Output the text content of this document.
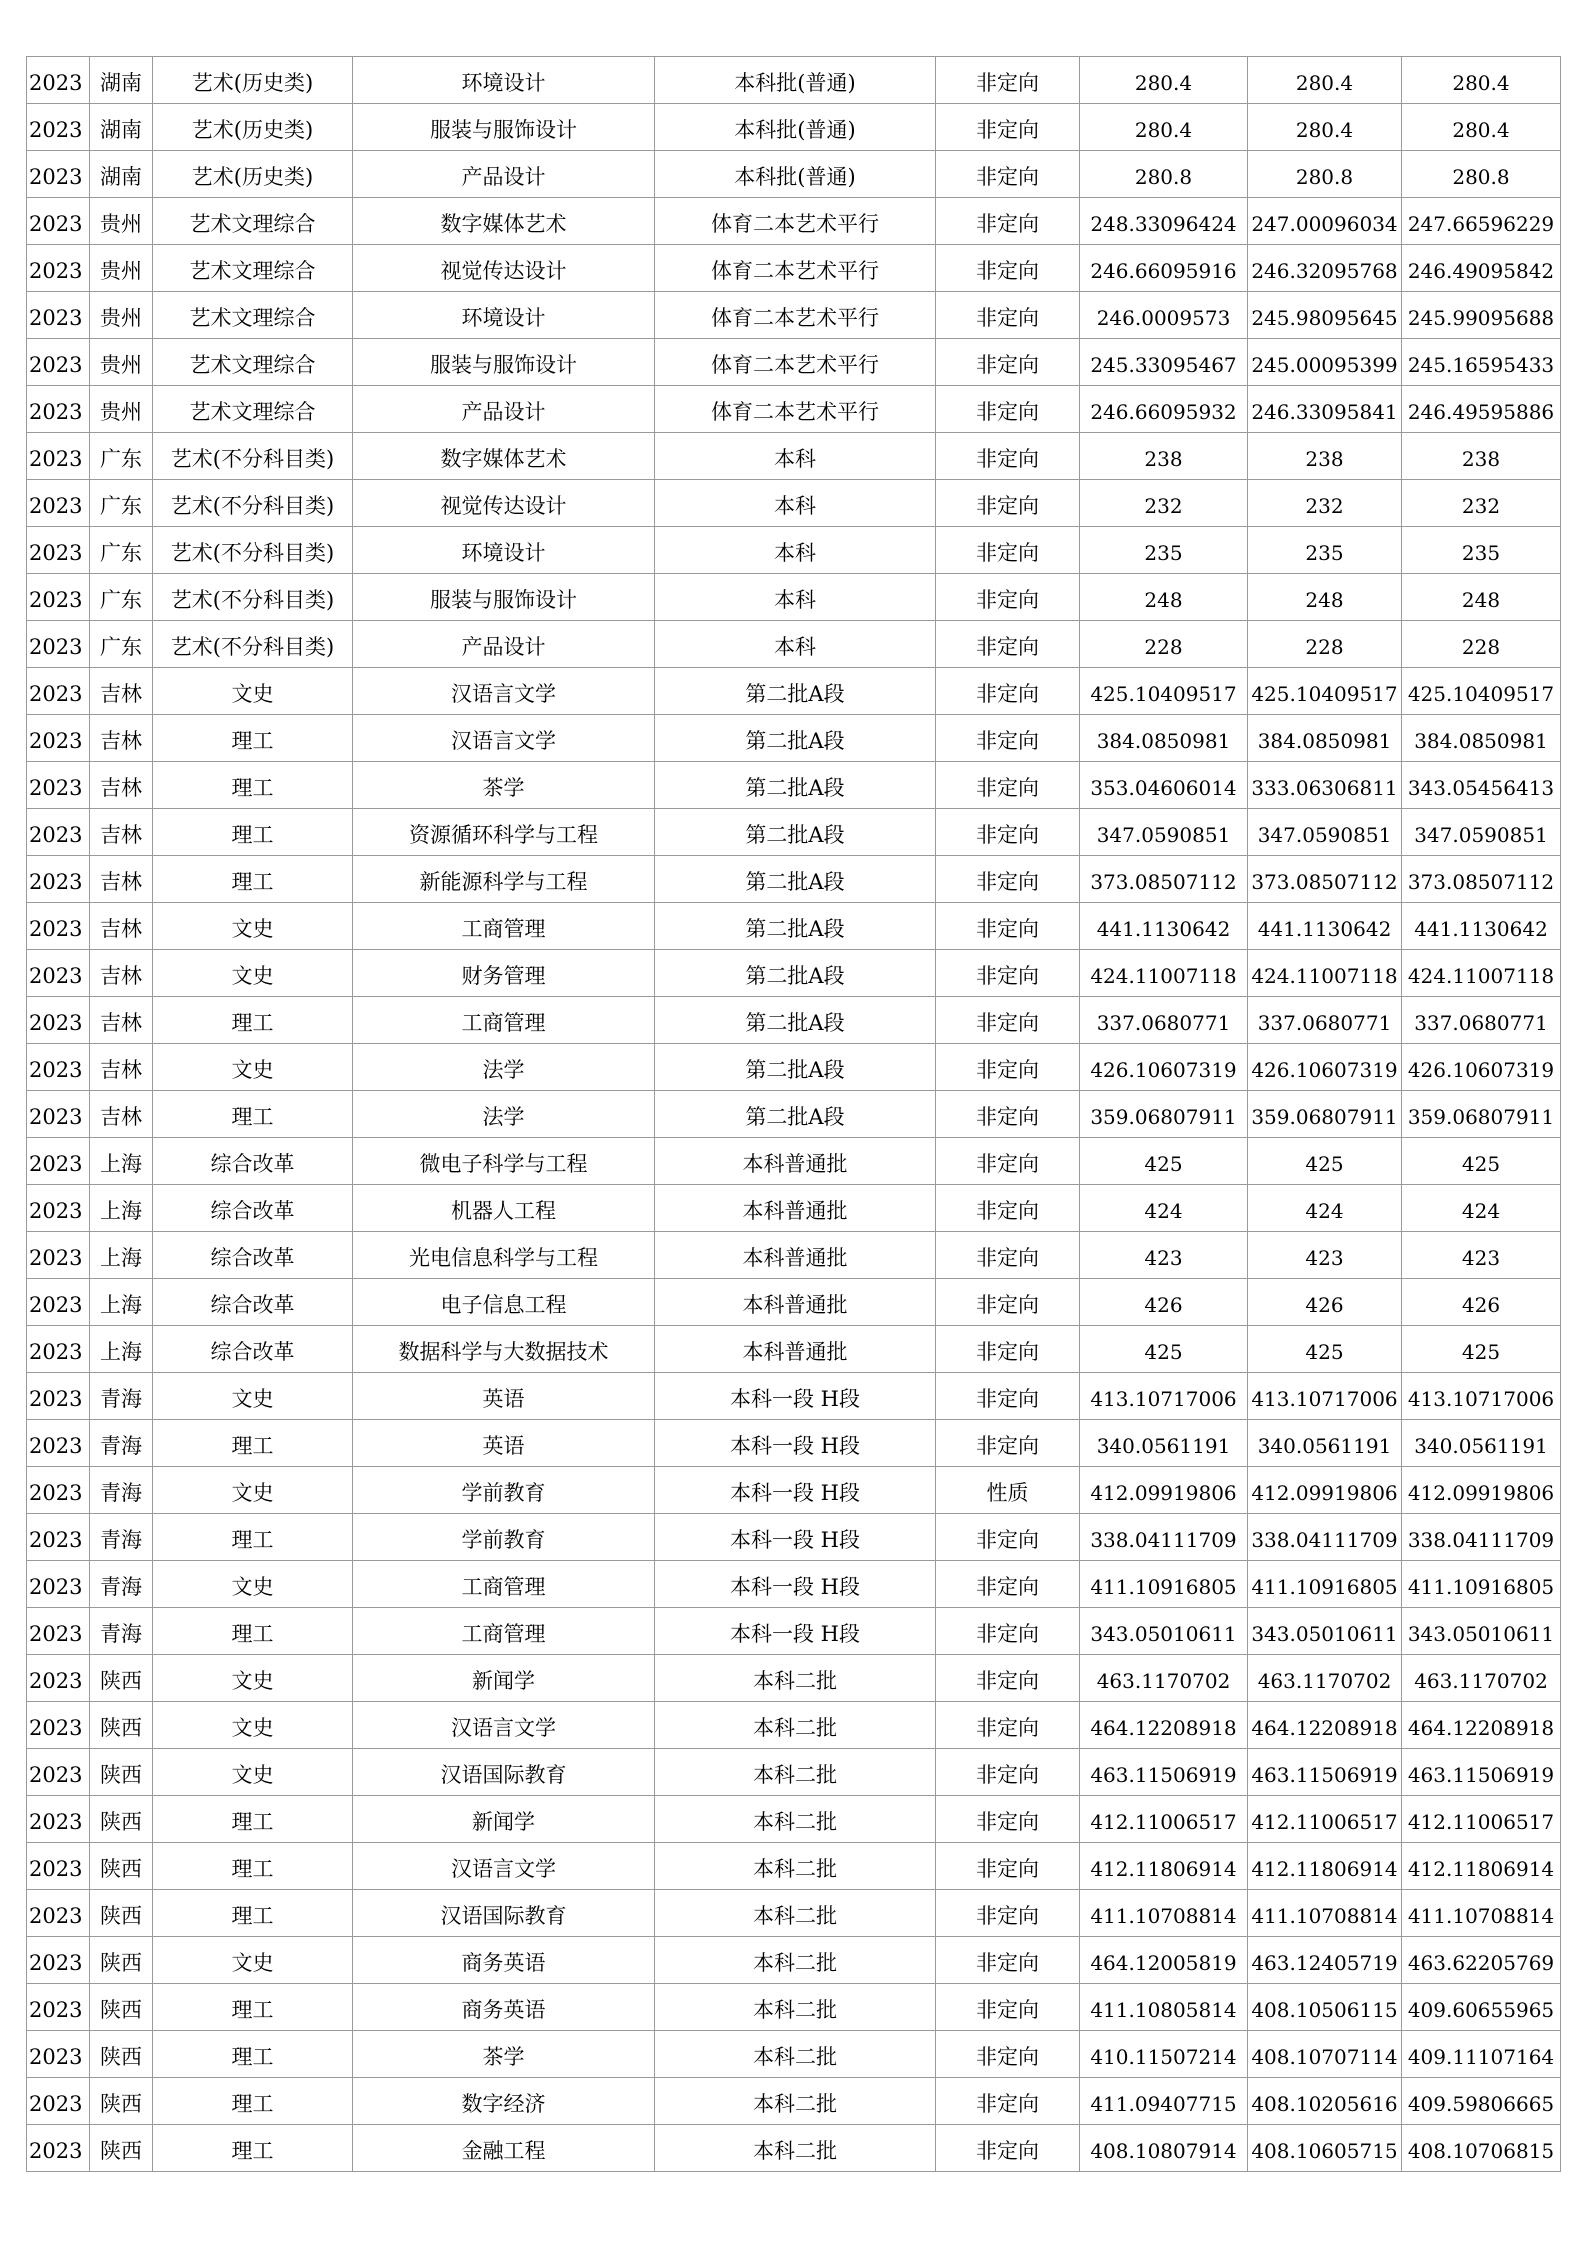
2023	湖南	艺术(历史类)	环境设计	本科批(普通)	非定向	280.4	280.4	280.4
2023	湖南	艺术(历史类)	服装与服饰设计	本科批(普通)	非定向	280.4	280.4	280.4
2023	湖南	艺术(历史类)	产品设计	本科批(普通)	非定向	280.8	280.8	280.8
2023	贵州	艺术文理综合	数字媒体艺术	体育二本艺术平行	非定向	248.33096424	247.00096034	247.66596229
2023	贵州	艺术文理综合	视觉传达设计	体育二本艺术平行	非定向	246.66095916	246.32095768	246.49095842
2023	贵州	艺术文理综合	环境设计	体育二本艺术平行	非定向	246.0009573	245.98095645	245.99095688
2023	贵州	艺术文理综合	服装与服饰设计	体育二本艺术平行	非定向	245.33095467	245.00095399	245.16595433
2023	贵州	艺术文理综合	产品设计	体育二本艺术平行	非定向	246.66095932	246.33095841	246.49595886
2023	广东	艺术(不分科目类)	数字媒体艺术	本科	非定向	238	238	238
2023	广东	艺术(不分科目类)	视觉传达设计	本科	非定向	232	232	232
2023	广东	艺术(不分科目类)	环境设计	本科	非定向	235	235	235
2023	广东	艺术(不分科目类)	服装与服饰设计	本科	非定向	248	248	248
2023	广东	艺术(不分科目类)	产品设计	本科	非定向	228	228	228
2023	吉林	文史	汉语言文学	第二批A段	非定向	425.10409517	425.10409517	425.10409517
2023	吉林	理工	汉语言文学	第二批A段	非定向	384.0850981	384.0850981	384.0850981
2023	吉林	理工	茶学	第二批A段	非定向	353.04606014	333.06306811	343.05456413
2023	吉林	理工	资源循环科学与工程	第二批A段	非定向	347.0590851	347.0590851	347.0590851
2023	吉林	理工	新能源科学与工程	第二批A段	非定向	373.08507112	373.08507112	373.08507112
2023	吉林	文史	工商管理	第二批A段	非定向	441.1130642	441.1130642	441.1130642
2023	吉林	文史	财务管理	第二批A段	非定向	424.11007118	424.11007118	424.11007118
2023	吉林	理工	工商管理	第二批A段	非定向	337.0680771	337.0680771	337.0680771
2023	吉林	文史	法学	第二批A段	非定向	426.10607319	426.10607319	426.10607319
2023	吉林	理工	法学	第二批A段	非定向	359.06807911	359.06807911	359.06807911
2023	上海	综合改革	微电子科学与工程	本科普通批	非定向	425	425	425
2023	上海	综合改革	机器人工程	本科普通批	非定向	424	424	424
2023	上海	综合改革	光电信息科学与工程	本科普通批	非定向	423	423	423
2023	上海	综合改革	电子信息工程	本科普通批	非定向	426	426	426
2023	上海	综合改革	数据科学与大数据技术	本科普通批	非定向	425	425	425
2023	青海	文史	英语	本科一段 H段	非定向	413.10717006	413.10717006	413.10717006
2023	青海	理工	英语	本科一段 H段	非定向	340.0561191	340.0561191	340.0561191
2023	青海	文史	学前教育	本科一段 H段	性质	412.09919806	412.09919806	412.09919806
2023	青海	理工	学前教育	本科一段 H段	非定向	338.04111709	338.04111709	338.04111709
2023	青海	文史	工商管理	本科一段 H段	非定向	411.10916805	411.10916805	411.10916805
2023	青海	理工	工商管理	本科一段 H段	非定向	343.05010611	343.05010611	343.05010611
2023	陕西	文史	新闻学	本科二批	非定向	463.1170702	463.1170702	463.1170702
2023	陕西	文史	汉语言文学	本科二批	非定向	464.12208918	464.12208918	464.12208918
2023	陕西	文史	汉语国际教育	本科二批	非定向	463.11506919	463.11506919	463.11506919
2023	陕西	理工	新闻学	本科二批	非定向	412.11006517	412.11006517	412.11006517
2023	陕西	理工	汉语言文学	本科二批	非定向	412.11806914	412.11806914	412.11806914
2023	陕西	理工	汉语国际教育	本科二批	非定向	411.10708814	411.10708814	411.10708814
2023	陕西	文史	商务英语	本科二批	非定向	464.12005819	463.12405719	463.62205769
2023	陕西	理工	商务英语	本科二批	非定向	411.10805814	408.10506115	409.60655965
2023	陕西	理工	茶学	本科二批	非定向	410.11507214	408.10707114	409.11107164
2023	陕西	理工	数字经济	本科二批	非定向	411.09407715	408.10205616	409.59806665
2023	陕西	理工	金融工程	本科二批	非定向	408.10807914	408.10605715	408.10706815
